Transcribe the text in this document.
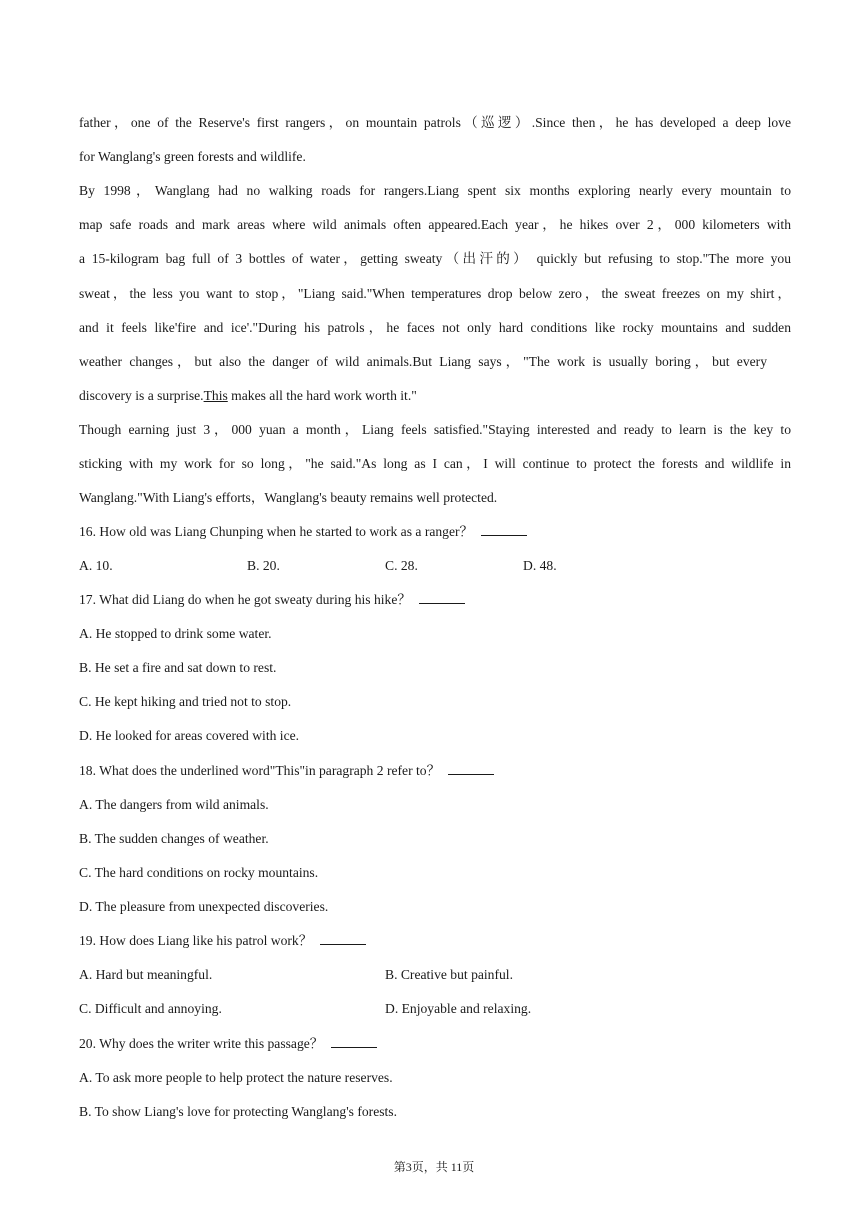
father，one of the Reserve's first rangers，on mountain patrols（巡逻）.Since then，he has developed a deep love
for Wanglang's green forests and wildlife.
By 1998，Wanglang had no walking roads for rangers.Liang spent six months exploring nearly every mountain to
map safe roads and mark areas where wild animals often appeared.Each year，he hikes over 2，000 kilometers with
a 15-kilogram bag full of 3 bottles of water，getting sweaty（出汗的） quickly but refusing to stop."The more you
sweat，the less you want to stop，"Liang said."When temperatures drop below zero，the sweat freezes on my shirt，
and it feels like'fire and ice'."During his patrols，he faces not only hard conditions like rocky mountains and sudden
weather changes，but also the danger of wild animals.But Liang says，"The work is usually boring，but every
discovery is a surprise.This makes all the hard work worth it."
Though earning just 3，000 yuan a month，Liang feels satisfied."Staying interested and ready to learn is the key to
sticking with my work for so long，"he said."As long as I can，I will continue to protect the forests and wildlife in
Wanglang."With Liang's efforts，Wanglang's beauty remains well protected.
16. How old was Liang Chunping when he started to work as a ranger？
A. 10.	B. 20.	C. 28.	D. 48.
17. What did Liang do when he got sweaty during his hike？
A. He stopped to drink some water.
B. He set a fire and sat down to rest.
C. He kept hiking and tried not to stop.
D. He looked for areas covered with ice.
18. What does the underlined word"This"in paragraph 2 refer to？
A. The dangers from wild animals.
B. The sudden changes of weather.
C. The hard conditions on rocky mountains.
D. The pleasure from unexpected discoveries.
19. How does Liang like his patrol work？
A. Hard but meaningful.	B. Creative but painful.
C. Difficult and annoying.	D. Enjoyable and relaxing.
20. Why does the writer write this passage？
A. To ask more people to help protect the nature reserves.
B. To show Liang's love for protecting Wanglang's forests.
第3页，共 11页
